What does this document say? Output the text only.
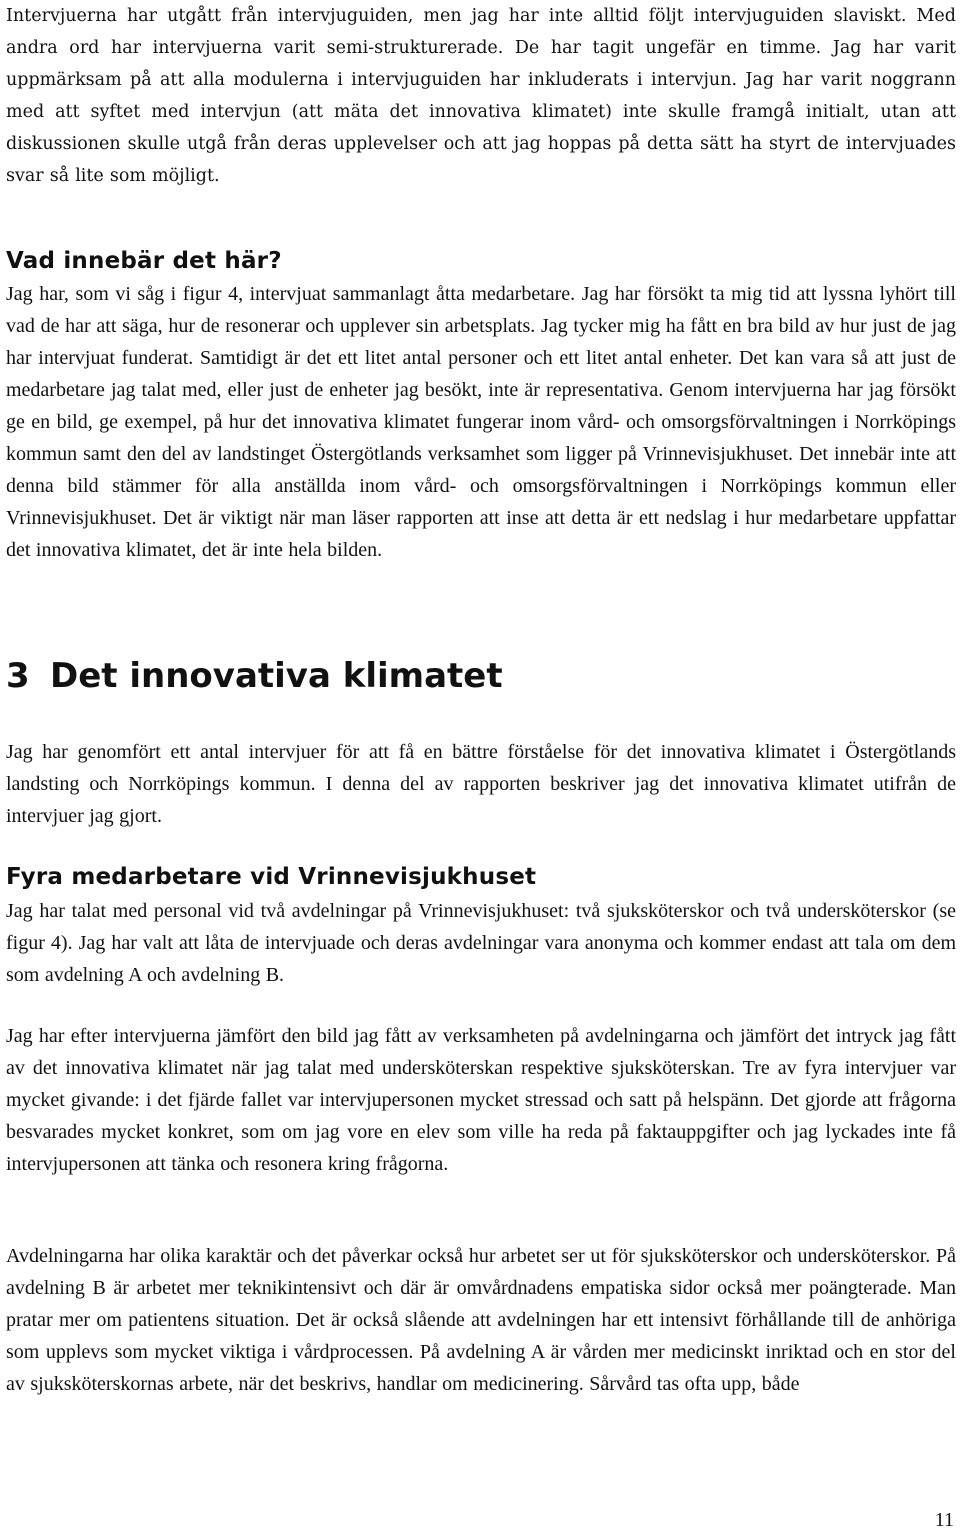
Intervjuerna har utgått från intervjuguiden, men jag har inte alltid följt intervjuguiden slaviskt. Med andra ord har intervjuerna varit semi-strukturerade. De har tagit ungefär en timme. Jag har varit uppmärksam på att alla modulerna i intervjuguiden har inkluderats i intervjun. Jag har varit noggrann med att syftet med intervjun (att mäta det innovativa klimatet) inte skulle framgå initialt, utan att diskussionen skulle utgå från deras upplevelser och att jag hoppas på detta sätt ha styrt de intervjuades svar så lite som möjligt.

Vad innebär det här?

Jag har, som vi såg i figur 4, intervjuat sammanlagt åtta medarbetare. Jag har försökt ta mig tid att lyssna lyhört till vad de har att säga, hur de resonerar och upplever sin arbetsplats. Jag tycker mig ha fått en bra bild av hur just de jag har intervjuat funderat. Samtidigt är det ett litet antal personer och ett litet antal enheter. Det kan vara så att just de medarbetare jag talat med, eller just de enheter jag besökt, inte är representativa. Genom intervjuerna har jag försökt ge en bild, ge exempel, på hur det innovativa klimatet fungerar inom vård- och omsorgsförvaltningen i Norrköpings kommun samt den del av landstinget Östergötlands verksamhet som ligger på Vrinnevisjukhuset. Det innebär inte att denna bild stämmer för alla anställda inom vård- och omsorgsförvaltningen i Norrköpings kommun eller Vrinnevisjukhuset. Det är viktigt när man läser rapporten att inse att detta är ett nedslag i hur medarbetare uppfattar det innovativa klimatet, det är inte hela bilden.

3 Det innovativa klimatet

Jag har genomfört ett antal intervjuer för att få en bättre förståelse för det innovativa klimatet i Östergötlands landsting och Norrköpings kommun. I denna del av rapporten beskriver jag det innovativa klimatet utifrån de intervjuer jag gjort.

Fyra medarbetare vid Vrinnevisjukhuset

Jag har talat med personal vid två avdelningar på Vrinnevisjukhuset: två sjuksköterskor och två undersköterskor (se figur 4). Jag har valt att låta de intervjuade och deras avdelningar vara anonyma och kommer endast att tala om dem som avdelning A och avdelning B.

Jag har efter intervjuerna jämfört den bild jag fått av verksamheten på avdelningarna och jämfört det intryck jag fått av det innovativa klimatet när jag talat med undersköterskan respektive sjuksköterskan. Tre av fyra intervjuer var mycket givande: i det fjärde fallet var intervjupersonen mycket stressad och satt på helspänn. Det gjorde att frågorna besvarades mycket konkret, som om jag vore en elev som ville ha reda på faktauppgifter och jag lyckades inte få intervjupersonen att tänka och resonera kring frågorna.

Avdelningarna har olika karaktär och det påverkar också hur arbetet ser ut för sjuksköterskor och undersköterskor. På avdelning B är arbetet mer teknikintensivt och där är omvårdnadens empatiska sidor också mer poängterade. Man pratar mer om patientens situation. Det är också slående att avdelningen har ett intensivt förhållande till de anhöriga som upplevs som mycket viktiga i vårdprocessen. På avdelning A är vården mer medicinskt inriktad och en stor del av sjuksköterskornas arbete, när det beskrivs, handlar om medicinering. Sårvård tas ofta upp, både

11
